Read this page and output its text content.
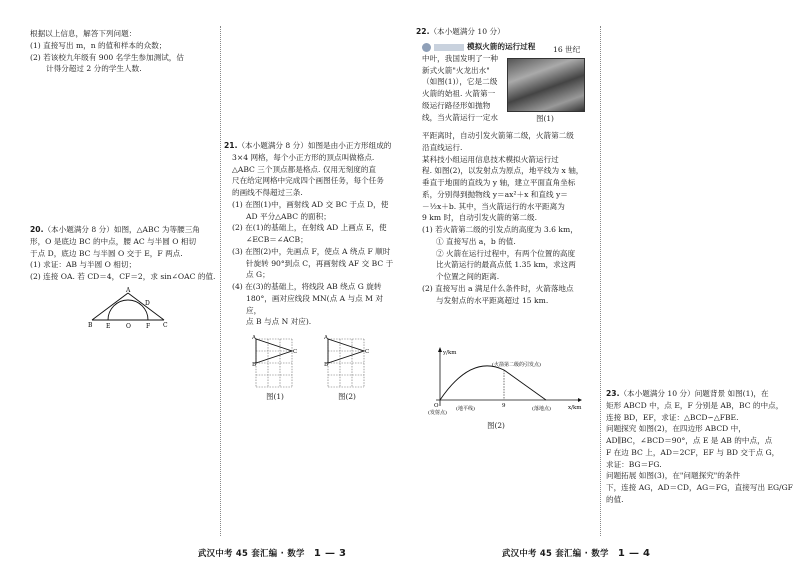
根据以上信息，解答下列问题：

(1) 直接写出 m，n 的值和样本的众数；

(2) 若该校九年级有 900 名学生参加测试，估

计得分超过 2 分的学生人数.

20.（本小题满分 8 分）如图，△ABC 为等腰三角

形，O 是底边 BC 的中点，腰 AC 与半圆 O 相切

于点 D，底边 BC 与半圆 O 交于 E，F 两点.

(1) 求证：AB 与半圆 O 相切；

(2) 连接 OA. 若 CD＝4，CF＝2，求 sin∠OAC 的值.

A
B	C
D
E	O	F

21.（本小题满分 8 分）如图是由小正方形组成的

3×4 网格，每个小正方形的顶点叫做格点.

△ABC 三个顶点都是格点. 仅用无刻度的直

尺在给定网格中完成四个画图任务，每个任务

的画线不得超过三条.

(1) 在图(1)中，画射线 AD 交 BC 于点 D，使

AD 平分△ABC 的面积；

(2) 在(1)的基础上，在射线 AD 上画点 E，使

∠ECB＝∠ACB；

(3) 在图(2)中，先画点 F，使点 A 绕点 F 顺时

针旋转 90°到点 C，再画射线 AF 交 BC 于

点 G；

(4) 在(3)的基础上，将线段 AB 绕点 G 旋转

180°，画对应线段 MN(点 A 与点 M 对应，

点 B 与点 N 对应).

A
B
C
图(1)
A
B
C
图(2)
武汉中考 45 套汇编 · 数学 1 — 3

22.（本小题满分 10 分）

模拟火箭的运行过程

中叶，我国发明了一种

新式火箭"火龙出水"

（如图(1)），它是二级

火箭的始祖. 火箭第一

级运行路径形如抛物

线，当火箭运行一定水

16 世纪
图(1)

平距离时，自动引发火箭第二级，火箭第二级

沿直线运行.

某科技小组运用信息技术模拟火箭运行过

程. 如图(2)，以发射点为原点，地平线为 x 轴，

垂直于地面的直线为 y 轴，建立平面直角坐标

系，分别得到抛物线 y＝ax²＋x 和直线 y＝

－½x＋b. 其中，当火箭运行的水平距离为

9 km 时，自动引发火箭的第二级.

(1) 若火箭第二级的引发点的高度为 3.6 km，

① 直接写出 a，b 的值.

② 火箭在运行过程中，有两个位置的高度

比火箭运行的最高点低 1.35 km，求这两

个位置之间的距离.

(2) 直接写出 a 满足什么条件时，火箭落地点

与发射点的水平距离超过 15 km.

y/km
x/km
(火箭第二级的引发点)
O
(发射点)
(地平线)	9	(落地点)
图(2)

23.（本小题满分 10 分）问题背景 如图(1)，在

矩形 ABCD 中，点 E，F 分别是 AB，BC 的中点，

连接 BD，EF，求证：△BCD∽△FBE.

问题探究 如图(2)，在四边形 ABCD 中，

AD∥BC，∠BCD＝90°，点 E 是 AB 的中点，点

F 在边 BC 上，AD＝2CF，EF 与 BD 交于点 G，

求证：BG＝FG.

问题拓展 如图(3)，在"问题探究"的条件

下，连接 AG，AD＝CD，AG＝FG，直接写出 EG/GF

的值.

武汉中考 45 套汇编 · 数学 1 — 4
